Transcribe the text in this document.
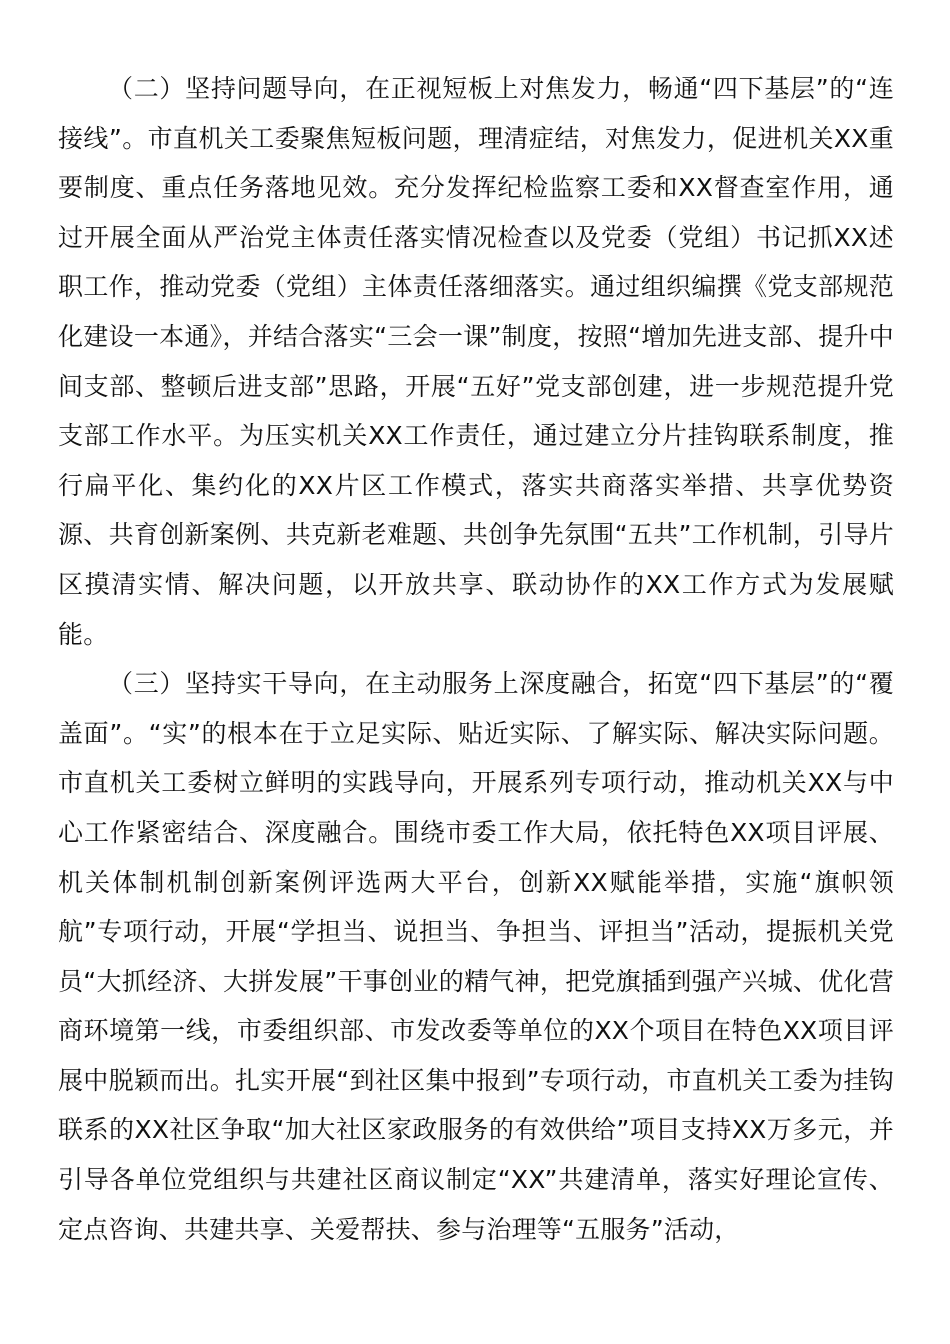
（二）坚持问题导向，在正视短板上对焦发力，畅通“四下基层”的“连接线”。市直机关工委聚焦短板问题，理清症结，对焦发力，促进机关XX重要制度、重点任务落地见效。充分发挥纪检监察工委和XX督查室作用，通过开展全面从严治党主体责任落实情况检查以及党委（党组）书记抓XX述职工作，推动党委（党组）主体责任落细落实。通过组织编撰《党支部规范化建设一本通》，并结合落实“三会一课”制度，按照“增加先进支部、提升中间支部、整顿后进支部”思路，开展“五好”党支部创建，进一步规范提升党支部工作水平。为压实机关XX工作责任，通过建立分片挂钩联系制度，推行扁平化、集约化的XX片区工作模式，落实共商落实举措、共享优势资源、共育创新案例、共克新老难题、共创争先氛围“五共”工作机制，引导片区摸清实情、解决问题，以开放共享、联动协作的XX工作方式为发展赋能。

（三）坚持实干导向，在主动服务上深度融合，拓宽“四下基层”的“覆盖面”。“实”的根本在于立足实际、贴近实际、了解实际、解决实际问题。市直机关工委树立鲜明的实践导向，开展系列专项行动，推动机关XX与中心工作紧密结合、深度融合。围绕市委工作大局，依托特色XX项目评展、机关体制机制创新案例评选两大平台，创新XX赋能举措，实施“旗帜领航”专项行动，开展“学担当、说担当、争担当、评担当”活动，提振机关党员“大抓经济、大拼发展”干事创业的精气神，把党旗插到强产兴城、优化营商环境第一线，市委组织部、市发改委等单位的XX个项目在特色XX项目评展中脱颖而出。扎实开展“到社区集中报到”专项行动，市直机关工委为挂钩联系的XX社区争取“加大社区家政服务的有效供给”项目支持XX万多元，并引导各单位党组织与共建社区商议制定“XX”共建清单，落实好理论宣传、定点咨询、共建共享、关爱帮扶、参与治理等“五服务”活动，
